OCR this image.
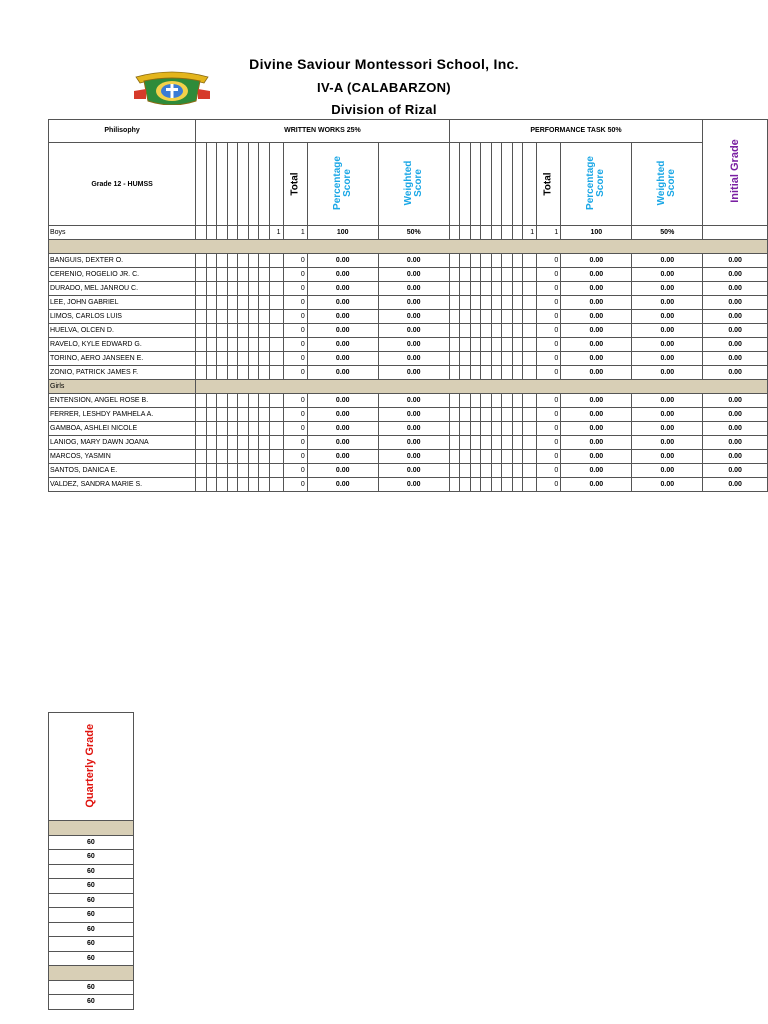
Divine Saviour Montessori School, Inc.
IV-A (CALABARZON)
Division of Rizal
Philisophy	WRITTEN WORKS 25%											PERFORMANCE TASK 50%											Initial Grade
Grade 12 - HUMSS									Total	Percentage Score	Weighted Score									Total	Percentage Score	Weighted Score	
Boys								1	1	100	50%								1	1	100	50%	

BANGUIS, DEXTER O.									0	0.00	0.00									0	0.00	0.00	0.00
CERENIO, ROGELIO JR. C.									0	0.00	0.00									0	0.00	0.00	0.00
DURADO, MEL JANROU C.									0	0.00	0.00									0	0.00	0.00	0.00
LEE, JOHN GABRIEL									0	0.00	0.00									0	0.00	0.00	0.00
LIMOS, CARLOS LUIS									0	0.00	0.00									0	0.00	0.00	0.00
HUELVA, OLCEN D.									0	0.00	0.00									0	0.00	0.00	0.00
RAVELO, KYLE EDWARD G.									0	0.00	0.00									0	0.00	0.00	0.00
TORINO, AERO JANSEEN E.									0	0.00	0.00									0	0.00	0.00	0.00
ZONIO, PATRICK JAMES F.									0	0.00	0.00									0	0.00	0.00	0.00
Girls																							
ENTENSION, ANGEL ROSE B.									0	0.00	0.00									0	0.00	0.00	0.00
FERRER, LESHDY PAMHELA A.									0	0.00	0.00									0	0.00	0.00	0.00
GAMBOA, ASHLEI NICOLE									0	0.00	0.00									0	0.00	0.00	0.00
LANIOG, MARY DAWN JOANA									0	0.00	0.00									0	0.00	0.00	0.00
MARCOS, YASMIN									0	0.00	0.00									0	0.00	0.00	0.00
SANTOS, DANICA E.									0	0.00	0.00									0	0.00	0.00	0.00
VALDEZ, SANDRA MARIE S.									0	0.00	0.00									0	0.00	0.00	0.00
Quarterly Grade

60
60
60
60
60
60
60
60
60

60
60
